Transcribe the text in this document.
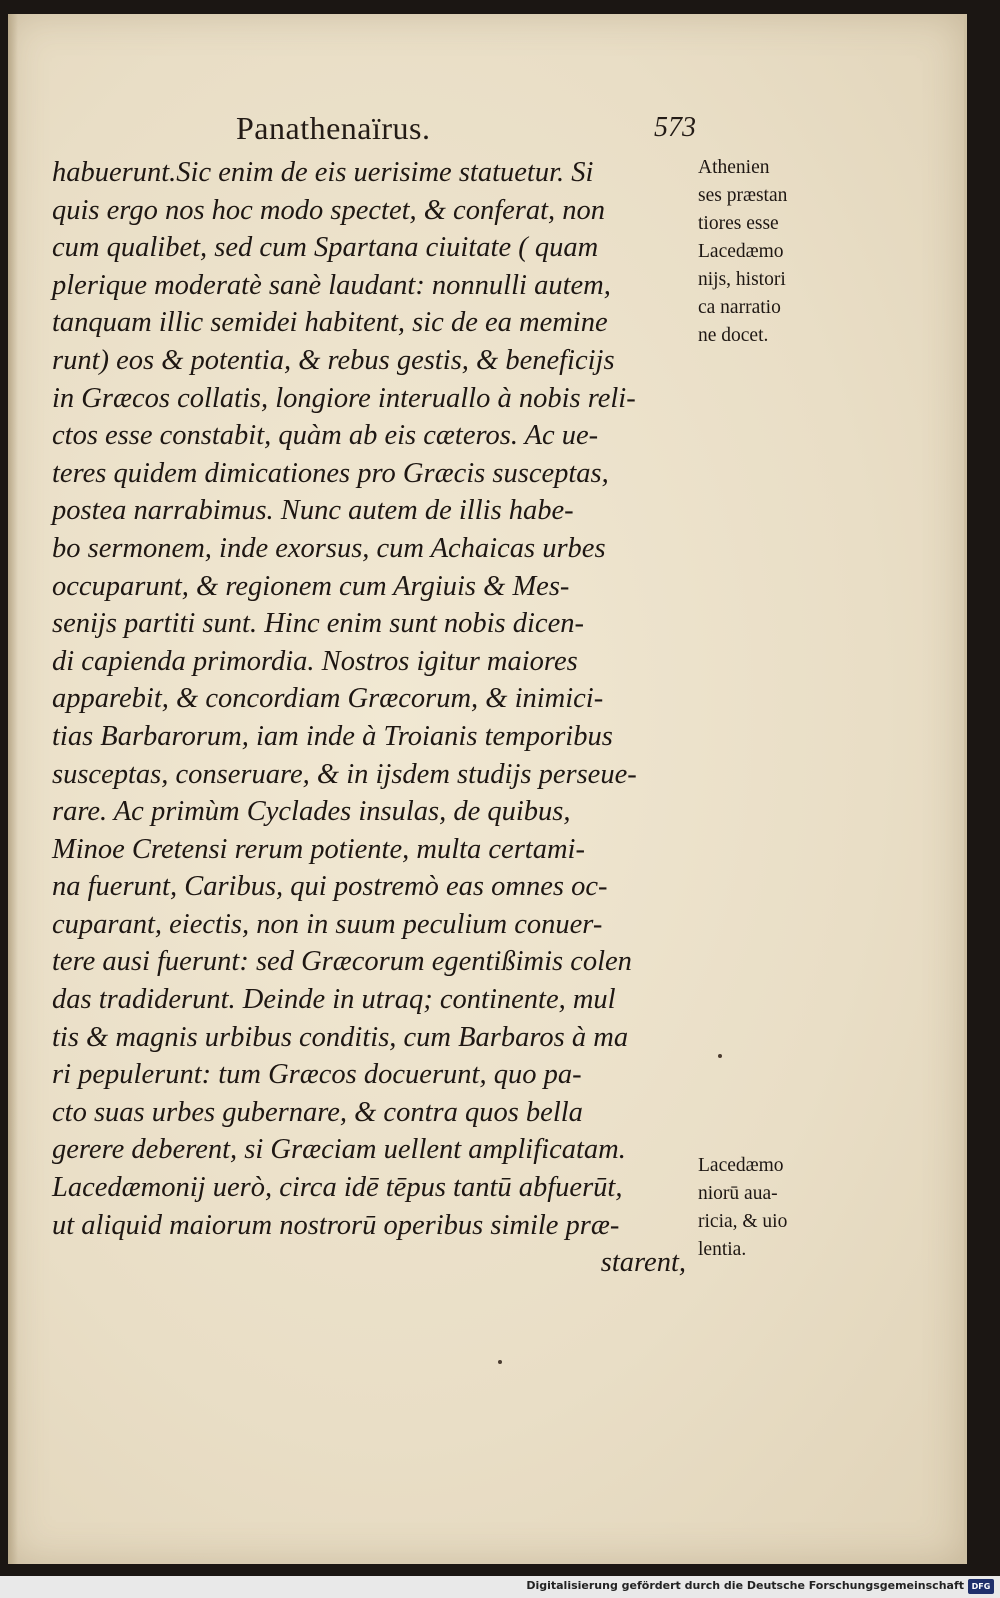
Panathenaïrus.	573
habuerunt.Sic enim de eis uerisime statuetur. Si
quis ergo nos hoc modo spectet, & conferat, non
cum qualibet, sed cum Spartana ciuitate ( quam
plerique moderatè sanè laudant: nonnulli autem,
tanquam illic semidei habitent, sic de ea memine
runt) eos & potentia, & rebus gestis, & beneficijs
in Græcos collatis, longiore interuallo à nobis reli-
ctos esse constabit, quàm ab eis cæteros. Ac ue-
teres quidem dimicationes pro Græcis susceptas,
postea narrabimus. Nunc autem de illis habe-
bo sermonem, inde exorsus, cum Achaicas urbes
occuparunt, & regionem cum Argiuis & Mes-
senijs partiti sunt. Hinc enim sunt nobis dicen-
di capienda primordia. Nostros igitur maiores
apparebit, & concordiam Græcorum, & inimici-
tias Barbarorum, iam inde à Troianis temporibus
susceptas, conseruare, & in ijsdem studijs perseue-
rare. Ac primùm Cyclades insulas, de quibus,
Minoe Cretensi rerum potiente, multa certami-
na fuerunt, Caribus, qui postremò eas omnes oc-
cuparant, eiectis, non in suum peculium conuer-
tere ausi fuerunt: sed Græcorum egentißimis colen
das tradiderunt. Deinde in utraq; continente, mul
tis & magnis urbibus conditis, cum Barbaros à ma
ri pepulerunt: tum Græcos docuerunt, quo pa-
cto suas urbes gubernare, & contra quos bella
gerere deberent, si Græciam uellent amplificatam.
Lacedæmonij uerò, circa idē tēpus tantū abfuerūt,
ut aliquid maiorum nostrorū operibus simile præ-
starent,
Athenien
ses præstan
tiores esse
Lacedæmo
nijs, histori
ca narratio
ne docet.
Lacedæmo
niorū aua-
ricia, & uio
lentia.
Digitalisierung gefördert durch die Deutsche Forschungsgemeinschaft DFG
